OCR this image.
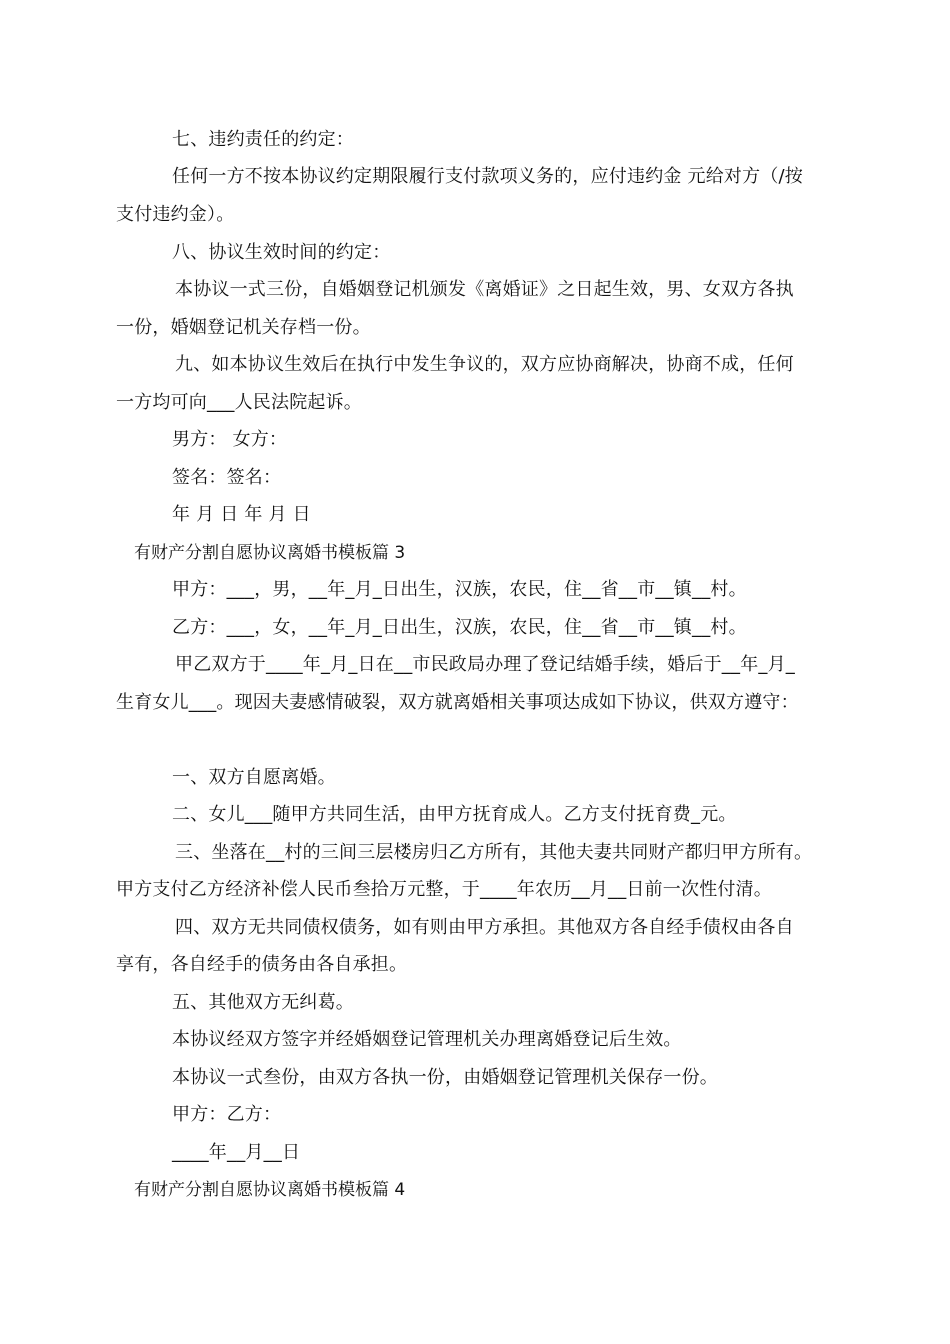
七、违约责任的约定：
任何一方不按本协议约定期限履行支付款项义务的，应付违约金 元给对方（/按
支付违约金）。
八、协议生效时间的约定：
本协议一式三份，自婚姻登记机颁发《离婚证》之日起生效，男、女双方各执
一份，婚姻登记机关存档一份。
九、如本协议生效后在执行中发生争议的，双方应协商解决，协商不成，任何
一方均可向___人民法院起诉。
男方： 女方：
签名：签名：
年 月 日 年 月 日
有财产分割自愿协议离婚书模板篇 3
甲方：___，男，__年_月_日出生，汉族，农民，住__省__市__镇__村。
乙方：___，女，__年_月_日出生，汉族，农民，住__省__市__镇__村。
甲乙双方于____年_月_日在__市民政局办理了登记结婚手续，婚后于__年_月_
生育女儿___。现因夫妻感情破裂，双方就离婚相关事项达成如下协议，供双方遵守：
一、双方自愿离婚。
二、女儿___随甲方共同生活，由甲方抚育成人。乙方支付抚育费_元。
三、坐落在__村的三间三层楼房归乙方所有，其他夫妻共同财产都归甲方所有。
甲方支付乙方经济补偿人民币叁拾万元整，于____年农历__月__日前一次性付清。
四、双方无共同债权债务，如有则由甲方承担。其他双方各自经手债权由各自
享有，各自经手的债务由各自承担。
五、其他双方无纠葛。
本协议经双方签字并经婚姻登记管理机关办理离婚登记后生效。
本协议一式叁份，由双方各执一份，由婚姻登记管理机关保存一份。
甲方：乙方：
____年__月__日
有财产分割自愿协议离婚书模板篇 4
